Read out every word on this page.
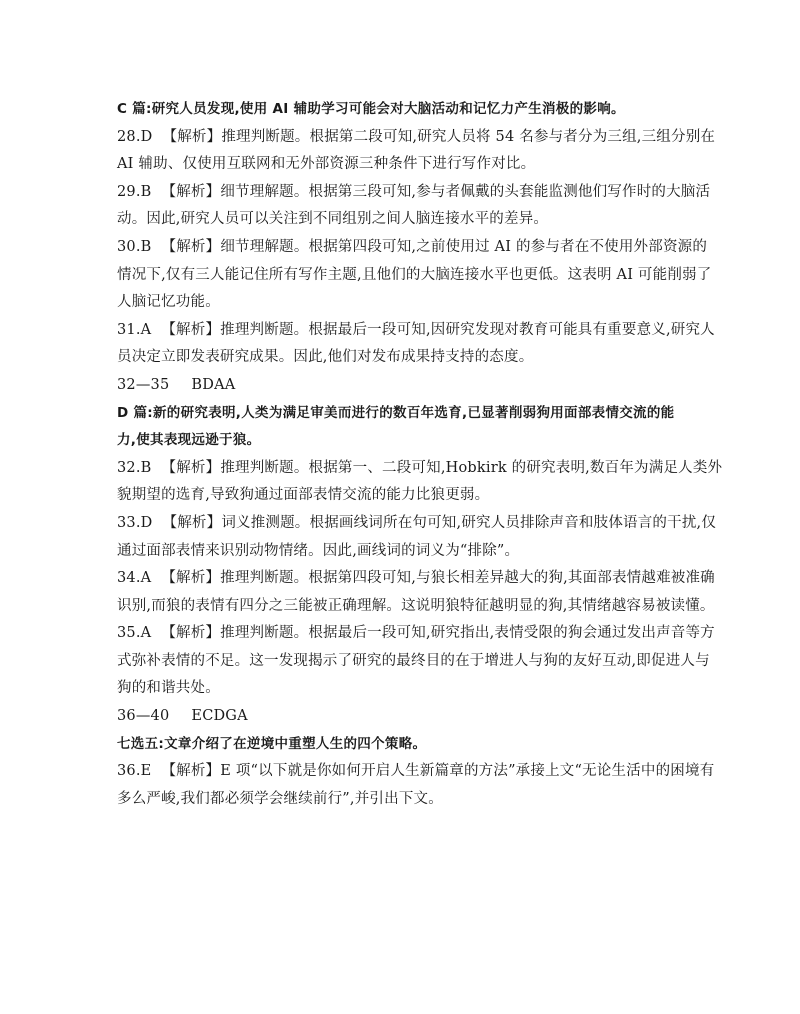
C 篇:研究人员发现,使用 AI 辅助学习可能会对大脑活动和记忆力产生消极的影响。
28.D 【解析】推理判断题。根据第二段可知,研究人员将 54 名参与者分为三组,三组分别在
AI 辅助、仅使用互联网和无外部资源三种条件下进行写作对比。
29.B 【解析】细节理解题。根据第三段可知,参与者佩戴的头套能监测他们写作时的大脑活
动。因此,研究人员可以关注到不同组别之间人脑连接水平的差异。
30.B 【解析】细节理解题。根据第四段可知,之前使用过 AI 的参与者在不使用外部资源的
情况下,仅有三人能记住所有写作主题,且他们的大脑连接水平也更低。这表明 AI 可能削弱了
人脑记忆功能。
31.A 【解析】推理判断题。根据最后一段可知,因研究发现对教育可能具有重要意义,研究人
员决定立即发表研究成果。因此,他们对发布成果持支持的态度。
32—35 BDAA
D 篇:新的研究表明,人类为满足审美而进行的数百年选育,已显著削弱狗用面部表情交流的能
力,使其表现远逊于狼。
32.B 【解析】推理判断题。根据第一、二段可知,Hobkirk 的研究表明,数百年为满足人类外
貌期望的选育,导致狗通过面部表情交流的能力比狼更弱。
33.D 【解析】词义推测题。根据画线词所在句可知,研究人员排除声音和肢体语言的干扰,仅
通过面部表情来识别动物情绪。因此,画线词的词义为“排除”。
34.A 【解析】推理判断题。根据第四段可知,与狼长相差异越大的狗,其面部表情越难被准确
识别,而狼的表情有四分之三能被正确理解。这说明狼特征越明显的狗,其情绪越容易被读懂。
35.A 【解析】推理判断题。根据最后一段可知,研究指出,表情受限的狗会通过发出声音等方
式弥补表情的不足。这一发现揭示了研究的最终目的在于增进人与狗的友好互动,即促进人与
狗的和谐共处。
36—40 ECDGA
七选五:文章介绍了在逆境中重塑人生的四个策略。
36.E 【解析】E 项“以下就是你如何开启人生新篇章的方法”承接上文“无论生活中的困境有
多么严峻,我们都必须学会继续前行”,并引出下文。
